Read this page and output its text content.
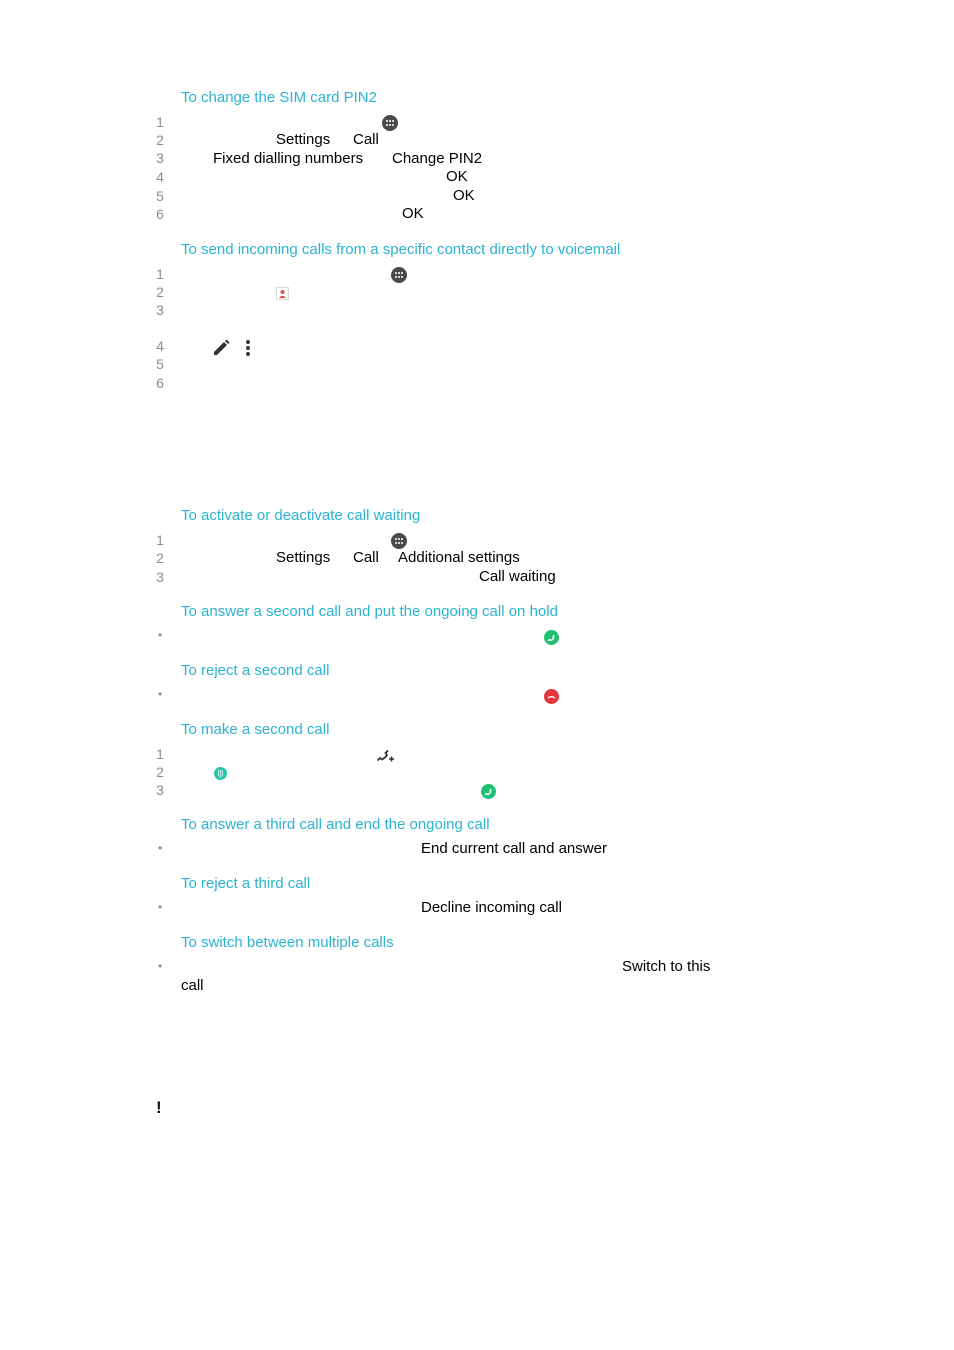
To change the SIM card PIN2
1
2
3
4
5
6
Settings Call
Fixed dialling numbers Change PIN2
OK
OK
OK
To send incoming calls from a specific contact directly to voicemail
1
2
3
4
5
6
To activate or deactivate call waiting
1
2
3
Settings Call Additional settings
Call waiting
To answer a second call and put the ongoing call on hold
•
To reject a second call
•
To make a second call
1
2
3
To answer a third call and end the ongoing call
•	End current call and answer
To reject a third call
•	Decline incoming call
To switch between multiple calls
•	Switch to this
call
!
